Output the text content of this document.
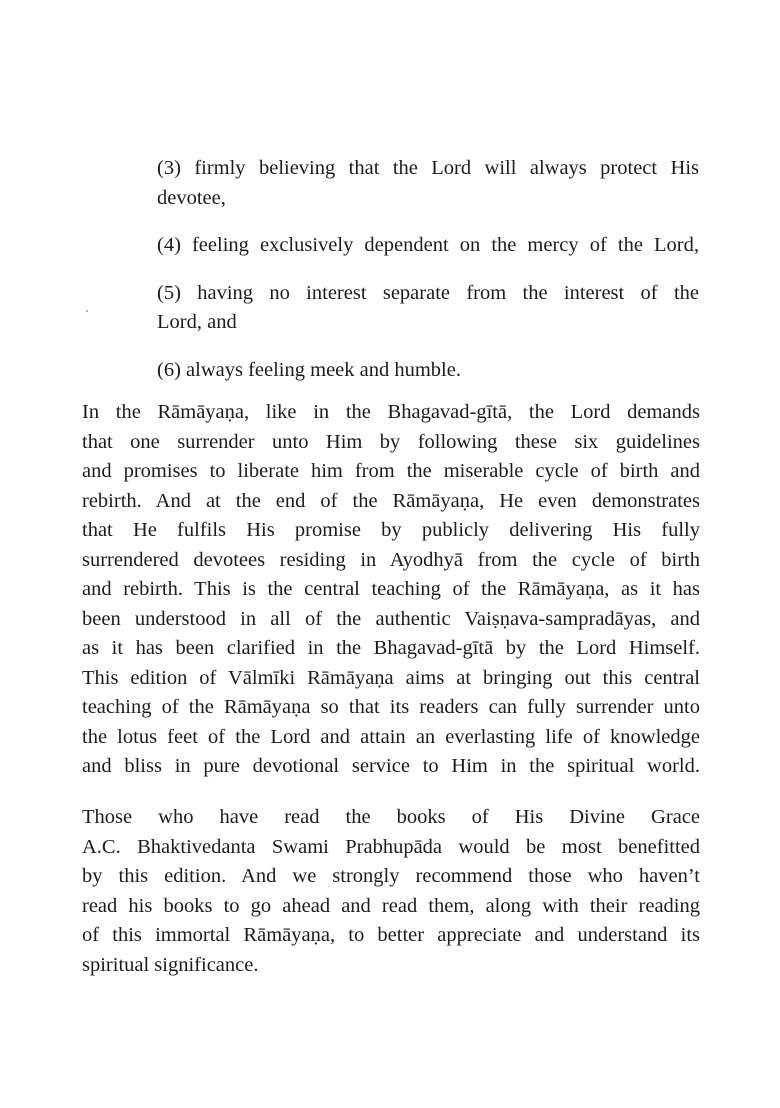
(3) firmly believing that the Lord will always protect His
devotee,
(4) feeling exclusively dependent on the mercy of the Lord,
(5) having no interest separate from the interest of the
Lord, and
(6) always feeling meek and humble.
In the Rāmāyaṇa, like in the Bhagavad-gītā, the Lord demands
that one surrender unto Him by following these six guidelines
and promises to liberate him from the miserable cycle of birth and
rebirth. And at the end of the Rāmāyaṇa, He even demonstrates
that He fulfils His promise by publicly delivering His fully
surrendered devotees residing in Ayodhyā from the cycle of birth
and rebirth. This is the central teaching of the Rāmāyaṇa, as it has
been understood in all of the authentic Vaiṣṇava-sampradāyas, and
as it has been clarified in the Bhagavad-gītā by the Lord Himself.
This edition of Vālmīki Rāmāyaṇa aims at bringing out this central
teaching of the Rāmāyaṇa so that its readers can fully surrender unto
the lotus feet of the Lord and attain an everlasting life of knowledge
and bliss in pure devotional service to Him in the spiritual world.
Those who have read the books of His Divine Grace
A.C. Bhaktivedanta Swami Prabhupāda would be most benefitted
by this edition. And we strongly recommend those who haven’t
read his books to go ahead and read them, along with their reading
of this immortal Rāmāyaṇa, to better appreciate and understand its
spiritual significance.
